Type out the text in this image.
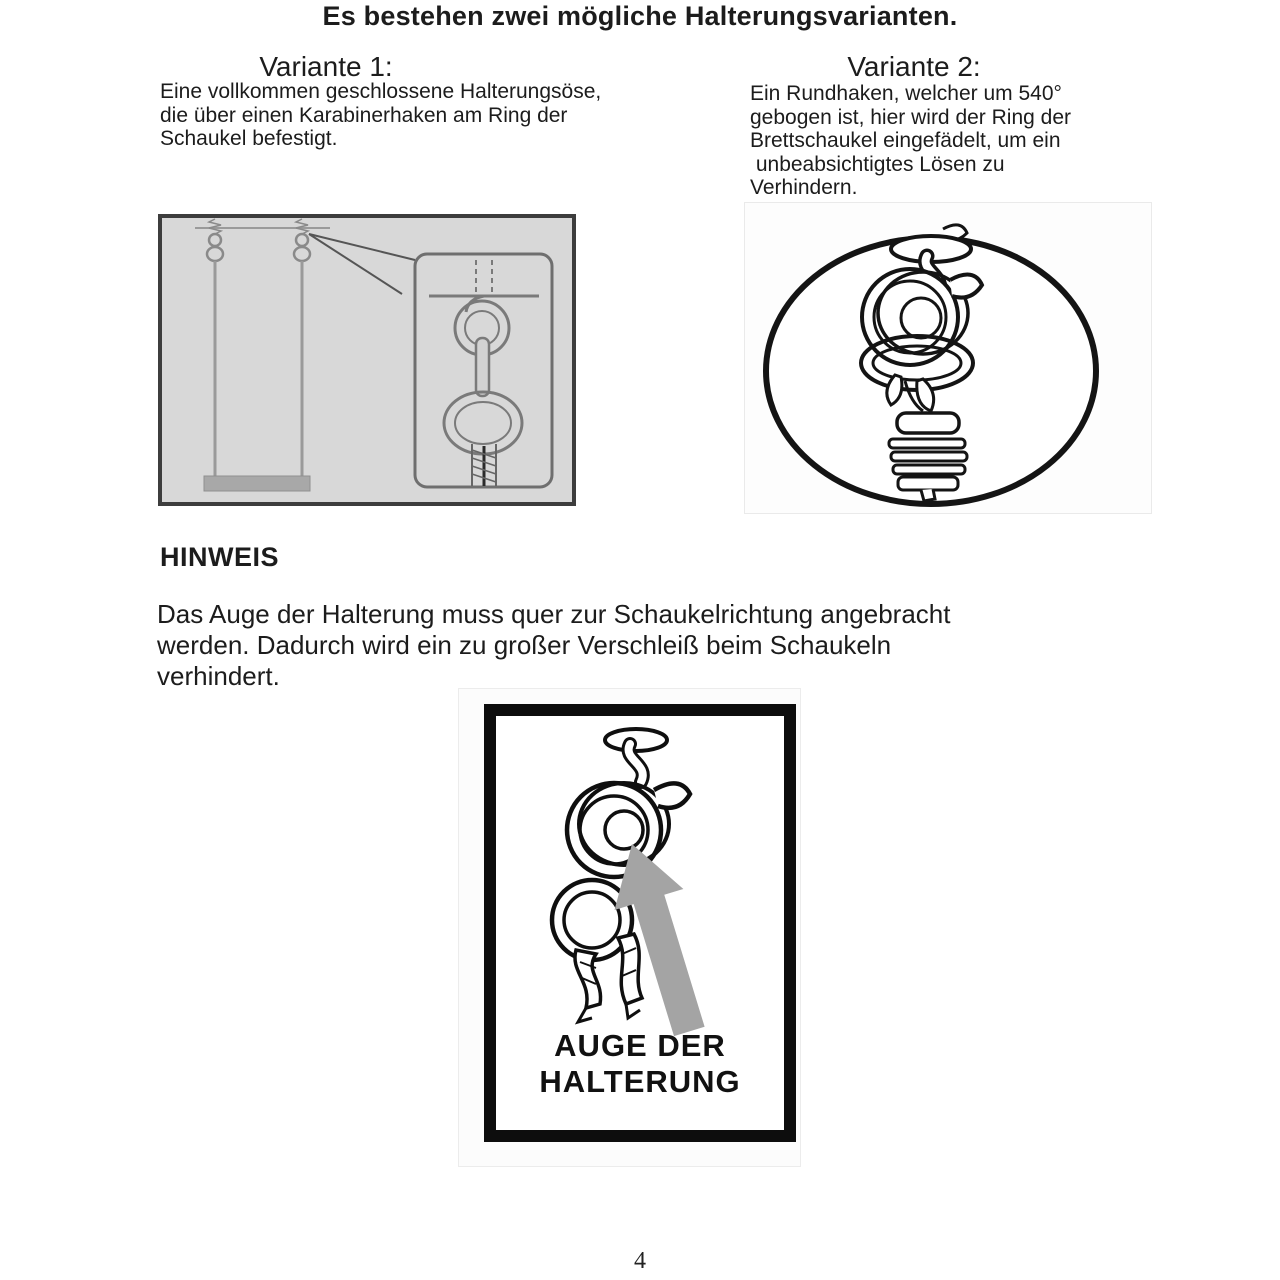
Es bestehen zwei mögliche Halterungsvarianten.
Variante 1:
Eine vollkommen geschlossene Halterungsöse,
die über einen Karabinerhaken am Ring der
Schaukel befestigt.
Variante 2:
Ein Rundhaken, welcher um 540°
gebogen ist, hier wird der Ring der
Brettschaukel eingefädelt, um ein
unbeabsichtigtes Lösen zu
Verhindern.
HINWEIS
Das Auge der Halterung muss quer zur Schaukelrichtung angebracht
werden. Dadurch wird ein zu großer Verschleiß beim Schaukeln
verhindert.
AUGE DER
HALTERUNG
4
